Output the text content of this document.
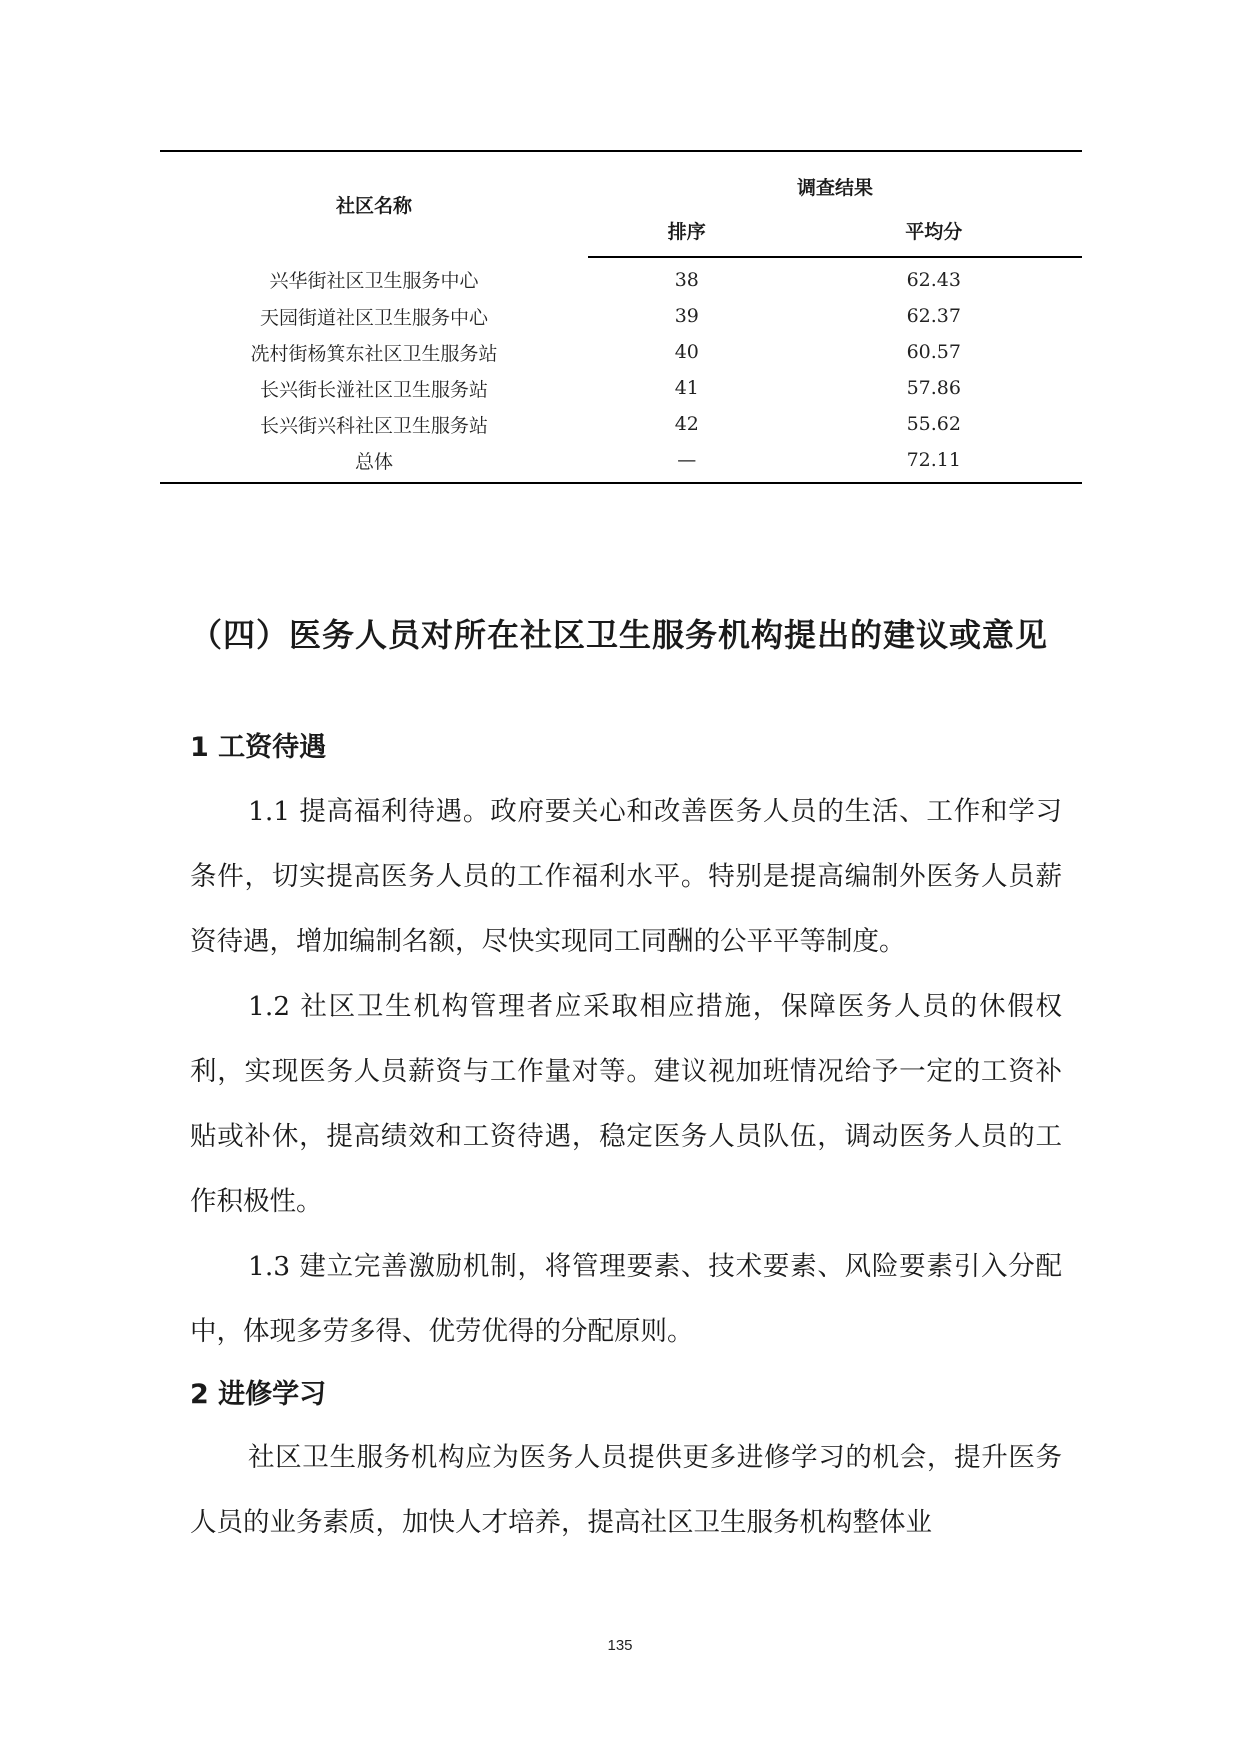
社区名称	调查结果	
	排序	平均分
兴华街社区卫生服务中心	38	62.43
天园街道社区卫生服务中心	39	62.37
冼村街杨箕东社区卫生服务站	40	60.57
长兴街长湴社区卫生服务站	41	57.86
长兴街兴科社区卫生服务站	42	55.62
总体	—	72.11
（四）医务人员对所在社区卫生服务机构提出的建议或意见
1 工资待遇

1.1 提高福利待遇。政府要关心和改善医务人员的生活、工作和学习条件，切实提高医务人员的工作福利水平。特别是提高编制外医务人员薪资待遇，增加编制名额，尽快实现同工同酬的公平平等制度。

1.2 社区卫生机构管理者应采取相应措施，保障医务人员的休假权利，实现医务人员薪资与工作量对等。建议视加班情况给予一定的工资补贴或补休，提高绩效和工资待遇，稳定医务人员队伍，调动医务人员的工作积极性。

1.3 建立完善激励机制，将管理要素、技术要素、风险要素引入分配中，体现多劳多得、优劳优得的分配原则。

2 进修学习

社区卫生服务机构应为医务人员提供更多进修学习的机会，提升医务人员的业务素质，加快人才培养，提高社区卫生服务机构整体业

135
